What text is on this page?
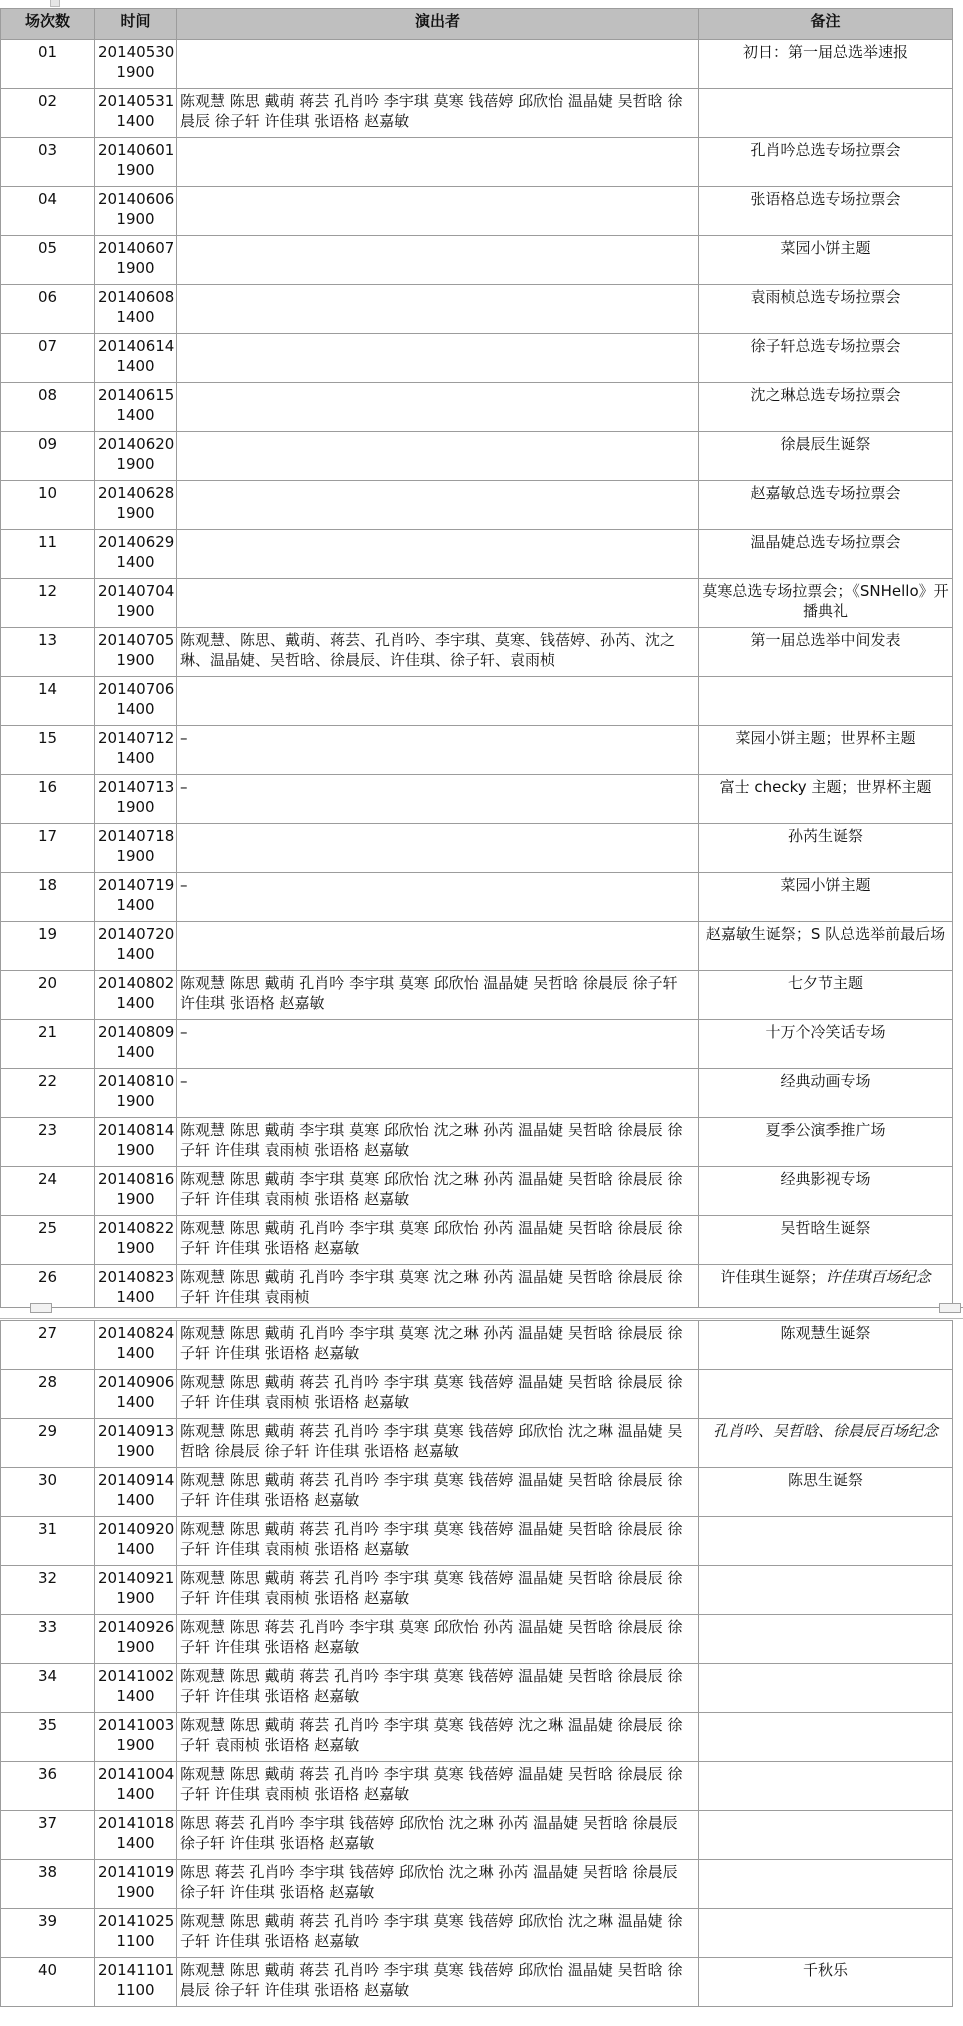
场次数	时间	演出者	备注
01	20140530
1900		初日：第一届总选举速报
02	20140531
1400	陈观慧 陈思 戴萌 蒋芸 孔肖吟 李宇琪 莫寒 钱蓓婷 邱欣怡 温晶婕 吴哲晗 徐晨辰 徐子轩 许佳琪 张语格 赵嘉敏	
03	20140601
1900		孔肖吟总选专场拉票会
04	20140606
1900		张语格总选专场拉票会
05	20140607
1900		菜园小饼主题
06	20140608
1400		袁雨桢总选专场拉票会
07	20140614
1400		徐子轩总选专场拉票会
08	20140615
1400		沈之琳总选专场拉票会
09	20140620
1900		徐晨辰生诞祭
10	20140628
1900		赵嘉敏总选专场拉票会
11	20140629
1400		温晶婕总选专场拉票会
12	20140704
1900		莫寒总选专场拉票会；《SNHello》开播典礼
13	20140705
1900	陈观慧、陈思、戴萌、蒋芸、孔肖吟、李宇琪、莫寒、钱蓓婷、孙芮、沈之琳、温晶婕、吴哲晗、徐晨辰、许佳琪、徐子轩、袁雨桢	第一届总选举中间发表
14	20140706
1400		

15	20140712
1400	–	菜园小饼主题；世界杯主题
16	20140713
1900	–	富士 checky 主题；世界杯主题
17	20140718
1900		孙芮生诞祭
18	20140719
1400	–	菜园小饼主题
19	20140720
1400		赵嘉敏生诞祭；S 队总选举前最后场
20	20140802
1400	陈观慧 陈思 戴萌 孔肖吟 李宇琪 莫寒 邱欣怡 温晶婕 吴哲晗 徐晨辰 徐子轩 许佳琪 张语格 赵嘉敏	七夕节主题
21	20140809
1400	–	十万个冷笑话专场
22	20140810
1900	–	经典动画专场
23	20140814
1900	陈观慧 陈思 戴萌 李宇琪 莫寒 邱欣怡 沈之琳 孙芮 温晶婕 吴哲晗 徐晨辰 徐子轩 许佳琪 袁雨桢 张语格 赵嘉敏	夏季公演季推广场
24	20140816
1900	陈观慧 陈思 戴萌 李宇琪 莫寒 邱欣怡 沈之琳 孙芮 温晶婕 吴哲晗 徐晨辰 徐子轩 许佳琪 袁雨桢 张语格 赵嘉敏	经典影视专场
25	20140822
1900	陈观慧 陈思 戴萌 孔肖吟 李宇琪 莫寒 邱欣怡 孙芮 温晶婕 吴哲晗 徐晨辰 徐子轩 许佳琪 张语格 赵嘉敏	吴哲晗生诞祭
26	20140823
1400	陈观慧 陈思 戴萌 孔肖吟 李宇琪 莫寒 沈之琳 孙芮 温晶婕 吴哲晗 徐晨辰 徐子轩 许佳琪 袁雨桢	许佳琪生诞祭；许佳琪百场纪念
27	20140824
1400	陈观慧 陈思 戴萌 孔肖吟 李宇琪 莫寒 沈之琳 孙芮 温晶婕 吴哲晗 徐晨辰 徐子轩 许佳琪 张语格 赵嘉敏	陈观慧生诞祭
28	20140906
1400	陈观慧 陈思 戴萌 蒋芸 孔肖吟 李宇琪 莫寒 钱蓓婷 温晶婕 吴哲晗 徐晨辰 徐子轩 许佳琪 袁雨桢 张语格 赵嘉敏	
29	20140913
1900	陈观慧 陈思 戴萌 蒋芸 孔肖吟 李宇琪 莫寒 钱蓓婷 邱欣怡 沈之琳 温晶婕 吴哲晗 徐晨辰 徐子轩 许佳琪 张语格 赵嘉敏	孔肖吟、吴哲晗、徐晨辰百场纪念
30	20140914
1400	陈观慧 陈思 戴萌 蒋芸 孔肖吟 李宇琪 莫寒 钱蓓婷 温晶婕 吴哲晗 徐晨辰 徐子轩 许佳琪 张语格 赵嘉敏	陈思生诞祭
31	20140920
1400	陈观慧 陈思 戴萌 蒋芸 孔肖吟 李宇琪 莫寒 钱蓓婷 温晶婕 吴哲晗 徐晨辰 徐子轩 许佳琪 袁雨桢 张语格 赵嘉敏	
32	20140921
1900	陈观慧 陈思 戴萌 蒋芸 孔肖吟 李宇琪 莫寒 钱蓓婷 温晶婕 吴哲晗 徐晨辰 徐子轩 许佳琪 袁雨桢 张语格 赵嘉敏	
33	20140926
1900	陈观慧 陈思 蒋芸 孔肖吟 李宇琪 莫寒 邱欣怡 孙芮 温晶婕 吴哲晗 徐晨辰 徐子轩 许佳琪 张语格 赵嘉敏	
34	20141002
1400	陈观慧 陈思 戴萌 蒋芸 孔肖吟 李宇琪 莫寒 钱蓓婷 温晶婕 吴哲晗 徐晨辰 徐子轩 许佳琪 张语格 赵嘉敏	
35	20141003
1900	陈观慧 陈思 戴萌 蒋芸 孔肖吟 李宇琪 莫寒 钱蓓婷 沈之琳 温晶婕 徐晨辰 徐子轩 袁雨桢 张语格 赵嘉敏	
36	20141004
1400	陈观慧 陈思 戴萌 蒋芸 孔肖吟 李宇琪 莫寒 钱蓓婷 温晶婕 吴哲晗 徐晨辰 徐子轩 许佳琪 袁雨桢 张语格 赵嘉敏	
37	20141018
1400	陈思 蒋芸 孔肖吟 李宇琪 钱蓓婷 邱欣怡 沈之琳 孙芮 温晶婕 吴哲晗 徐晨辰 徐子轩 许佳琪 张语格 赵嘉敏	
38	20141019
1900	陈思 蒋芸 孔肖吟 李宇琪 钱蓓婷 邱欣怡 沈之琳 孙芮 温晶婕 吴哲晗 徐晨辰 徐子轩 许佳琪 张语格 赵嘉敏	
39	20141025
1100	陈观慧 陈思 戴萌 蒋芸 孔肖吟 李宇琪 莫寒 钱蓓婷 邱欣怡 沈之琳 温晶婕 徐子轩 许佳琪 张语格 赵嘉敏	
40	20141101
1100	陈观慧 陈思 戴萌 蒋芸 孔肖吟 李宇琪 莫寒 钱蓓婷 邱欣怡 温晶婕 吴哲晗 徐晨辰 徐子轩 许佳琪 张语格 赵嘉敏	千秋乐
